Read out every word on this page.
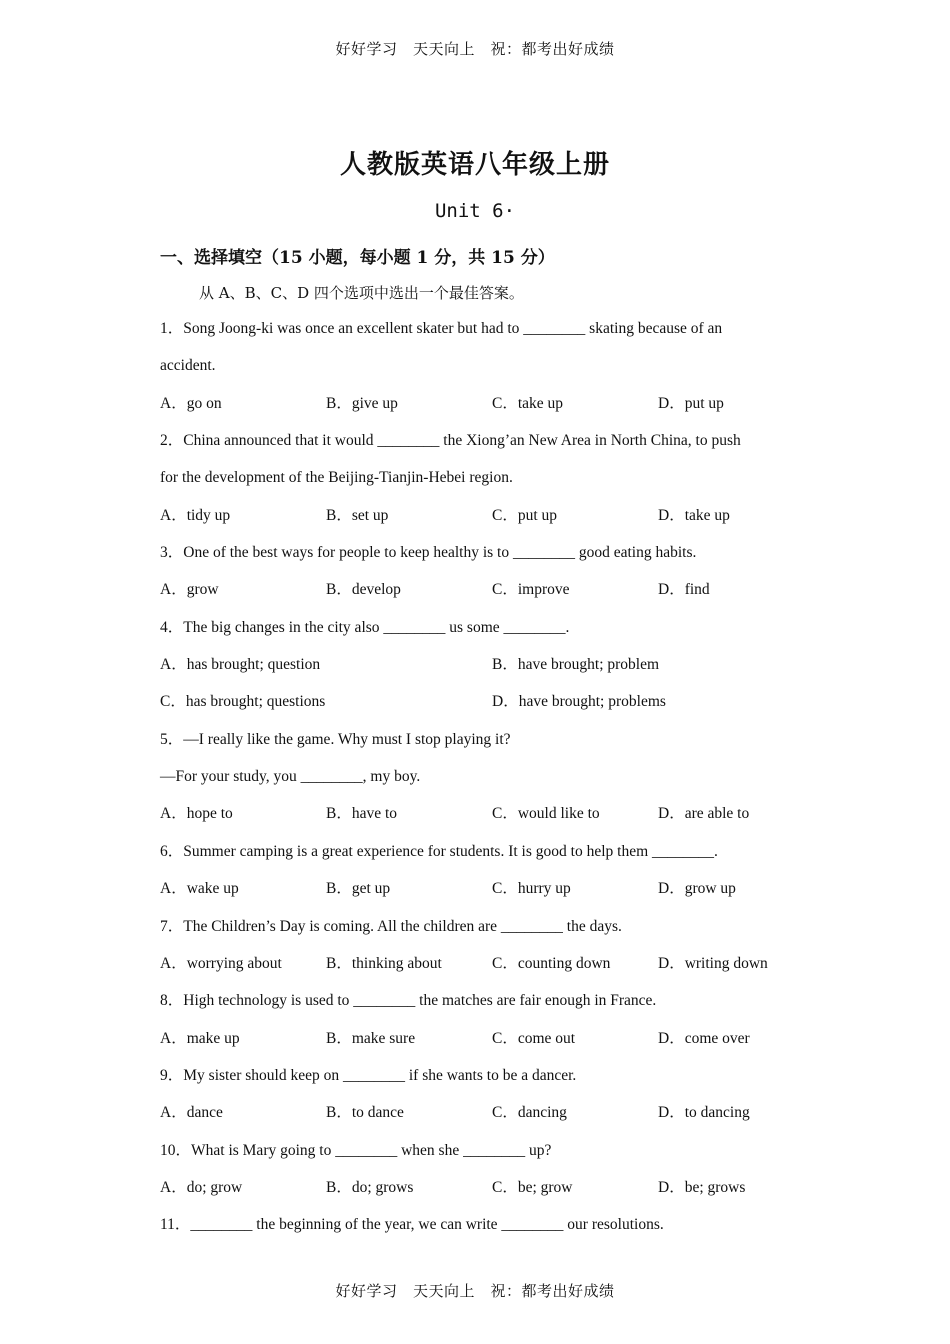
好好学习　天天向上　祝：都考出好成绩
人教版英语八年级上册
Unit 6·
一、选择填空（15 小题，每小题 1 分，共 15 分）
从 A、B、C、D 四个选项中选出一个最佳答案。
1．Song Joong-ki was once an excellent skater but had to ________ skating because of an
accident.
A．go on	B．give up	C．take up	D．put up
2．China announced that it would ________ the Xiong’an New Area in North China, to push
for the development of the Beijing-Tianjin-Hebei region.
A．tidy up	B．set up	C．put up	D．take up
3．One of the best ways for people to keep healthy is to ________ good eating habits.
A．grow	B．develop	C．improve	D．find
4．The big changes in the city also ________ us some ________.
A．has brought; question	B．have brought; problem
C．has brought; questions	D．have brought; problems
5．—I really like the game. Why must I stop playing it?
—For your study, you ________, my boy.
A．hope to	B．have to	C．would like to	D．are able to
6．Summer camping is a great experience for students. It is good to help them ________.
A．wake up	B．get up	C．hurry up	D．grow up
7．The Children’s Day is coming. All the children are ________ the days.
A．worrying about	B．thinking about	C．counting down	D．writing down
8．High technology is used to ________ the matches are fair enough in France.
A．make up	B．make sure	C．come out	D．come over
9．My sister should keep on ________ if she wants to be a dancer.
A．dance	B．to dance	C．dancing	D．to dancing
10．What is Mary going to ________ when she ________ up?
A．do; grow	B．do; grows	C．be; grow	D．be; grows
11．________ the beginning of the year, we can write ________ our resolutions.
好好学习　天天向上　祝：都考出好成绩
